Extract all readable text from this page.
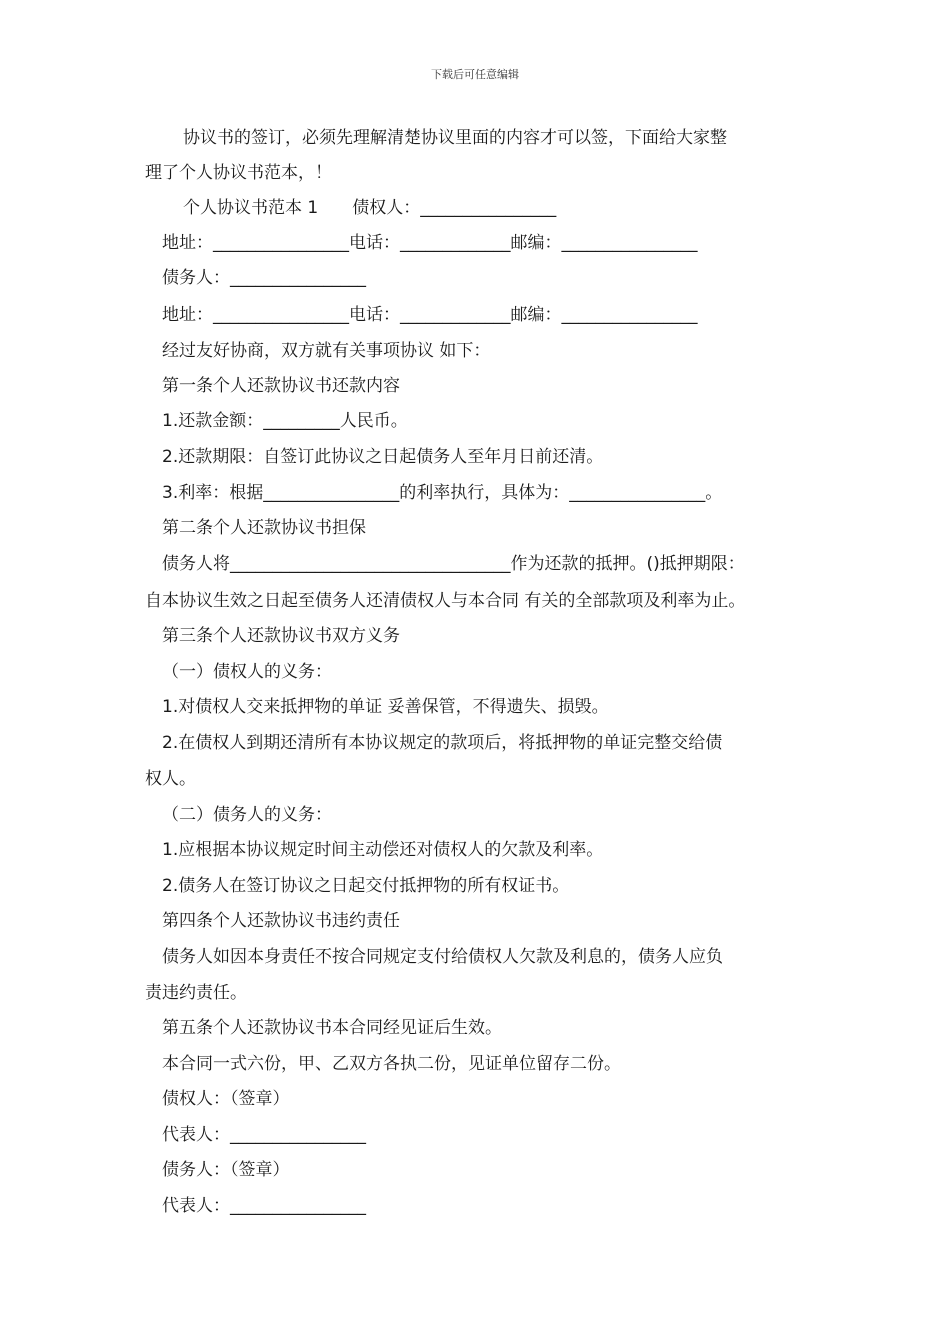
下载后可任意编辑
协议书的签订，必须先理解清楚协议里面的内容才可以签，下面给大家整
理了个人协议书范本，！
个人协议书范本 1　　债权人：________________
地址：________________电话：_____________邮编：________________
债务人：________________
地址：________________电话：_____________邮编：________________
经过友好协商，双方就有关事项协议 如下：
第一条个人还款协议书还款内容
1.还款金额：_________人民币。
2.还款期限：自签订此协议之日起债务人至年月日前还清。
3.利率：根据________________的利率执行，具体为：________________。
第二条个人还款协议书担保
债务人将_________________________________作为还款的抵押。()抵押期限：
自本协议生效之日起至债务人还清债权人与本合同 有关的全部款项及利率为止。
第三条个人还款协议书双方义务
（一）债权人的义务：
1.对债权人交来抵押物的单证 妥善保管，不得遗失、损毁。
2.在债权人到期还清所有本协议规定的款项后，将抵押物的单证完整交给债
权人。
（二）债务人的义务：
1.应根据本协议规定时间主动偿还对债权人的欠款及利率。
2.债务人在签订协议之日起交付抵押物的所有权证书。
第四条个人还款协议书违约责任
债务人如因本身责任不按合同规定支付给债权人欠款及利息的，债务人应负
责违约责任。
第五条个人还款协议书本合同经见证后生效。
本合同一式六份，甲、乙双方各执二份，见证单位留存二份。
债权人：（签章）
代表人：________________
债务人：（签章）
代表人：________________
